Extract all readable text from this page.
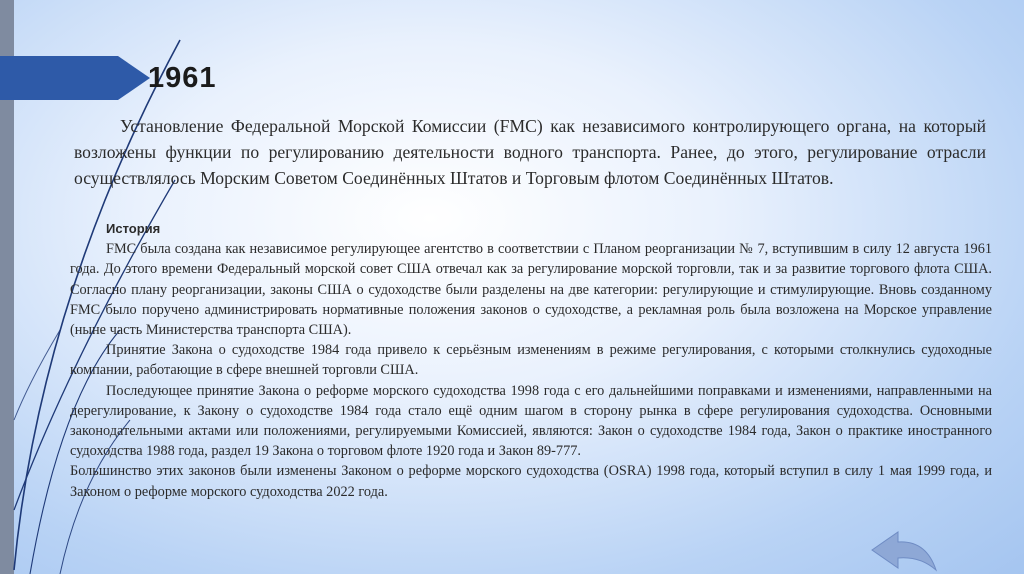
1961

Установление Федеральной Морской Комиссии (FMC) как независимого контролирующего органа, на который возложены функции по регулированию деятельности водного транспорта. Ранее, до этого, регулирование отрасли осуществлялось Морским Советом Соединённых Штатов и Торговым флотом Соединённых Штатов.

История

FMC была создана как независимое регулирующее агентство в соответствии с Планом реорганизации № 7, вступившим в силу 12 августа 1961 года. До этого времени Федеральный морской совет США отвечал как за регулирование морской торговли, так и за развитие торгового флота США. Согласно плану реорганизации, законы США о судоходстве были разделены на две категории: регулирующие и стимулирующие. Вновь созданному FMC было поручено администрировать нормативные положения законов о судоходстве, а рекламная роль была возложена на Морское управление (ныне часть Министерства транспорта США).

Принятие Закона о судоходстве 1984 года привело к серьёзным изменениям в режиме регулирования, с которыми столкнулись судоходные компании, работающие в сфере внешней торговли США.

Последующее принятие Закона о реформе морского судоходства 1998 года с его дальнейшими поправками и изменениями, направленными на дерегулирование, к Закону о судоходстве 1984 года стало ещё одним шагом в сторону рынка в сфере регулирования судоходства. Основными законодательными актами или положениями, регулируемыми Комиссией, являются: Закон о судоходстве 1984 года, Закон о практике иностранного судоходства 1988 года, раздел 19 Закона о торговом флоте 1920 года и Закон 89-777.

Большинство этих законов были изменены Законом о реформе морского судоходства (OSRA) 1998 года, который вступил в силу 1 мая 1999 года, и Законом о реформе морского судоходства 2022 года.
